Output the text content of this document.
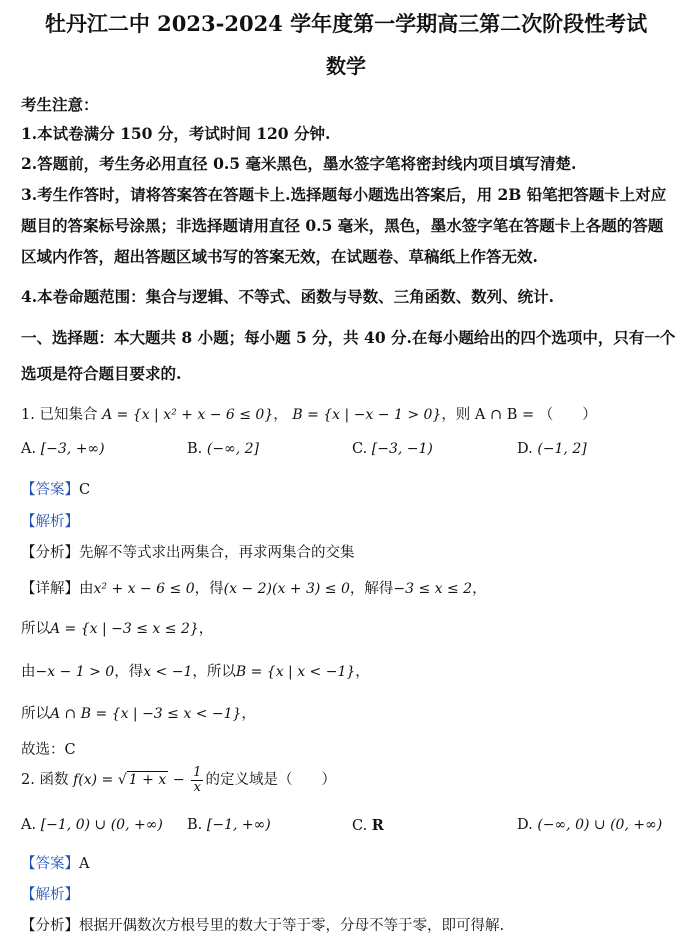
牡丹江二中 2023-2024 学年度第一学期高三第二次阶段性考试
数学
考生注意：
1.本试卷满分 150 分，考试时间 120 分钟.
2.答题前，考生务必用直径 0.5 毫米黑色，墨水签字笔将密封线内项目填写清楚.
3.考生作答时，请将答案答在答题卡上.选择题每小题选出答案后，用 2B 铅笔把答题卡上对应
题目的答案标号涂黑；非选择题请用直径 0.5 毫米，黑色，墨水签字笔在答题卡上各题的答题
区域内作答，超出答题区域书写的答案无效，在试题卷、草稿纸上作答无效.
4.本卷命题范围：集合与逻辑、不等式、函数与导数、三角函数、数列、统计.
一、选择题：本大题共 8 小题；每小题 5 分，共 40 分.在每小题给出的四个选项中，只有一个
选项是符合题目要求的.
1. 已知集合 A = {x | x² + x − 6 ≤ 0}， B = {x | −x − 1 > 0}，则 A ∩ B = （　　）
A. [−3, +∞)	B. (−∞, 2]	C. [−3, −1)	D. (−1, 2]
【答案】C
【解析】
【分析】先解不等式求出两集合，再求两集合的交集
【详解】由x² + x − 6 ≤ 0，得(x − 2)(x + 3) ≤ 0，解得−3 ≤ x ≤ 2，
所以A = {x | −3 ≤ x ≤ 2}，
由−x − 1 > 0，得x < −1，所以B = {x | x < −1}，
所以A ∩ B = {x | −3 ≤ x < −1}，
故选：C
2. 函数 f(x) = √ $1 + x - \frac{1}{x}$ 的定义域是（　　）
A. [−1, 0) ∪ (0, +∞) B. [−1, +∞)	C. R	D. (−∞, 0) ∪ (0, +∞)
【答案】A
【解析】
【分析】根据开偶数次方根号里的数大于等于零，分母不等于零，即可得解.
